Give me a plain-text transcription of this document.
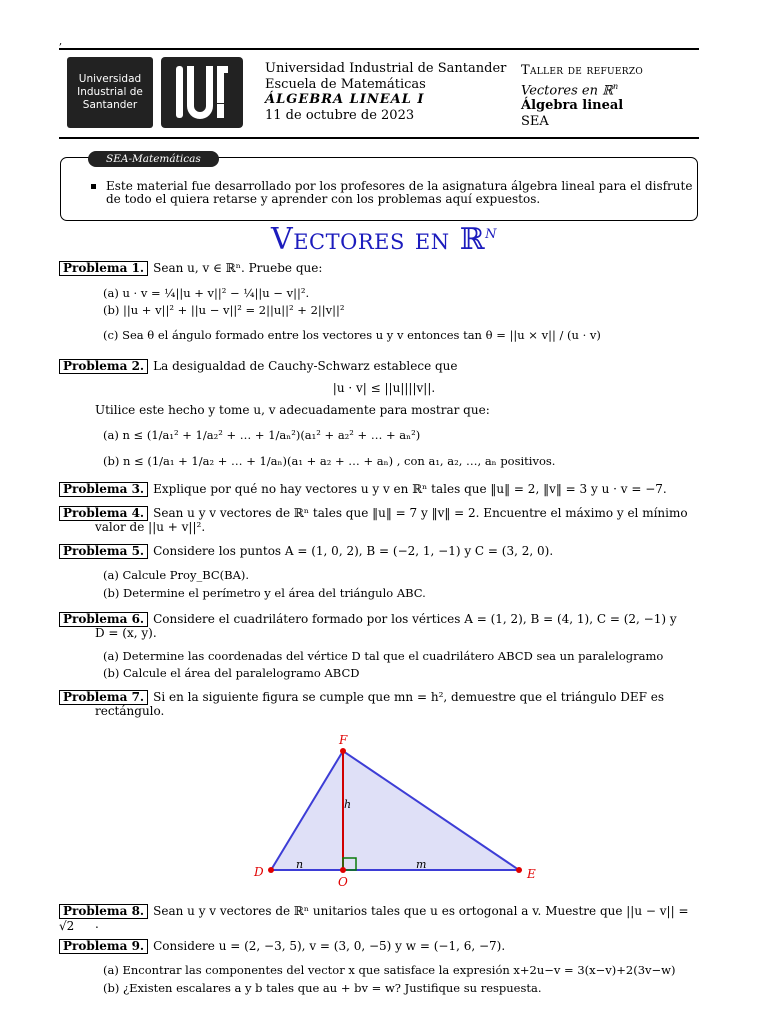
,
Universidad
Industrial de
Santander
Universidad Industrial de Santander
Escuela de Matemáticas
ÁLGEBRA LINEAL I
11 de octubre de 2023
Taller de refuerzo
Vectores en ℝ$^n$
Álgebra lineal
SEA
SEA-Matemáticas
Este material fue desarrollado por los profesores de la asignatura álgebra lineal para el disfrute
de todo el quiera retarse y aprender con los problemas aquí expuestos.
Vectores en ℝ$^n$
Problema 1. Sean u, v ∈ ℝⁿ. Pruebe que:
(a) u · v = ¼||u + v||² − ¼||u − v||².
(b) ||u + v||² + ||u − v||² = 2||u||² + 2||v||²
(c) Sea θ el ángulo formado entre los vectores u y v entonces tan θ = ||u × v|| / (u · v)
Problema 2. La desigualdad de Cauchy-Schwarz establece que
|u · v| ≤ ||u||||v||.
Utilice este hecho y tome u, v adecuadamente para mostrar que:
(a) n ≤ (1/a₁² + 1/a₂² + … + 1/aₙ²)(a₁² + a₂² + … + aₙ²)
(b) n ≤ (1/a₁ + 1/a₂ + … + 1/aₙ)(a₁ + a₂ + … + aₙ) , con a₁, a₂, …, aₙ positivos.
Problema 3. Explique por qué no hay vectores u y v en ℝⁿ tales que ‖u‖ = 2, ‖v‖ = 3 y u · v = −7.
Problema 4. Sean u y v vectores de ℝⁿ tales que ‖u‖ = 7 y ‖v‖ = 2. Encuentre el máximo y el mínimo
valor de ||u + v||².
Problema 5. Considere los puntos A = (1, 0, 2), B = (−2, 1, −1) y C = (3, 2, 0).
(a) Calcule Proy_BC(BA).
(b) Determine el perímetro y el área del triángulo ABC.
Problema 6. Considere el cuadrilátero formado por los vértices A = (1, 2), B = (4, 1), C = (2, −1) y
D = (x, y).
(a) Determine las coordenadas del vértice D tal que el cuadrilátero ABCD sea un paralelogramo
(b) Calcule el área del paralelogramo ABCD
Problema 7. Si en la siguiente figura se cumple que mn = h², demuestre que el triángulo DEF es
rectángulo.
F
D
O
E
h
n	m
Problema 8. Sean u y v vectores de ℝⁿ unitarios tales que u es ortogonal a v. Muestre que ||u − v|| = √2	.
Problema 9. Considere u = (2, −3, 5), v = (3, 0, −5) y w = (−1, 6, −7).
(a) Encontrar las componentes del vector x que satisface la expresión x+2u−v = 3(x−v)+2(3v−w)
(b) ¿Existen escalares a y b tales que au + bv = w? Justifique su respuesta.
